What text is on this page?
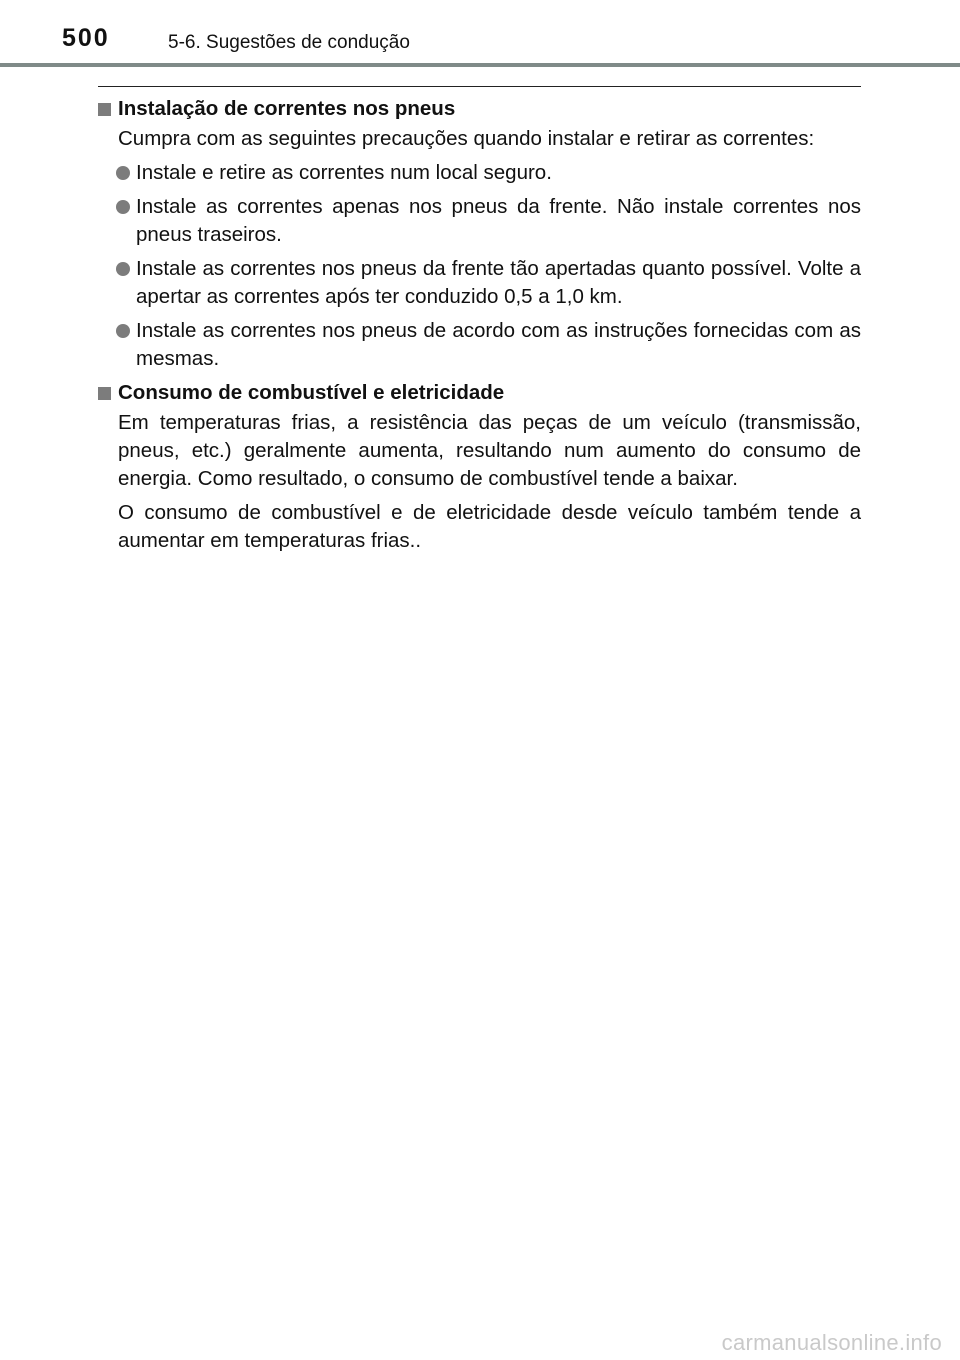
500	5-6. Sugestões de condução
Instalação de correntes nos pneus

Cumpra com as seguintes precauções quando instalar e retirar as correntes:

Instale e retire as correntes num local seguro.
Instale as correntes apenas nos pneus da frente. Não instale correntes nos pneus traseiros.
Instale as correntes nos pneus da frente tão apertadas quanto possível. Volte a apertar as correntes após ter conduzido 0,5 a 1,0 km.
Instale as correntes nos pneus de acordo com as instruções fornecidas com as mesmas.
Consumo de combustível e eletricidade

Em temperaturas frias, a resistência das peças de um veículo (transmissão, pneus, etc.) geralmente aumenta, resultando num aumento do consumo de energia. Como resultado, o consumo de combustível tende a baixar.

O consumo de combustível e de eletricidade desde veículo também tende a aumentar em temperaturas frias..

carmanualsonline.info
